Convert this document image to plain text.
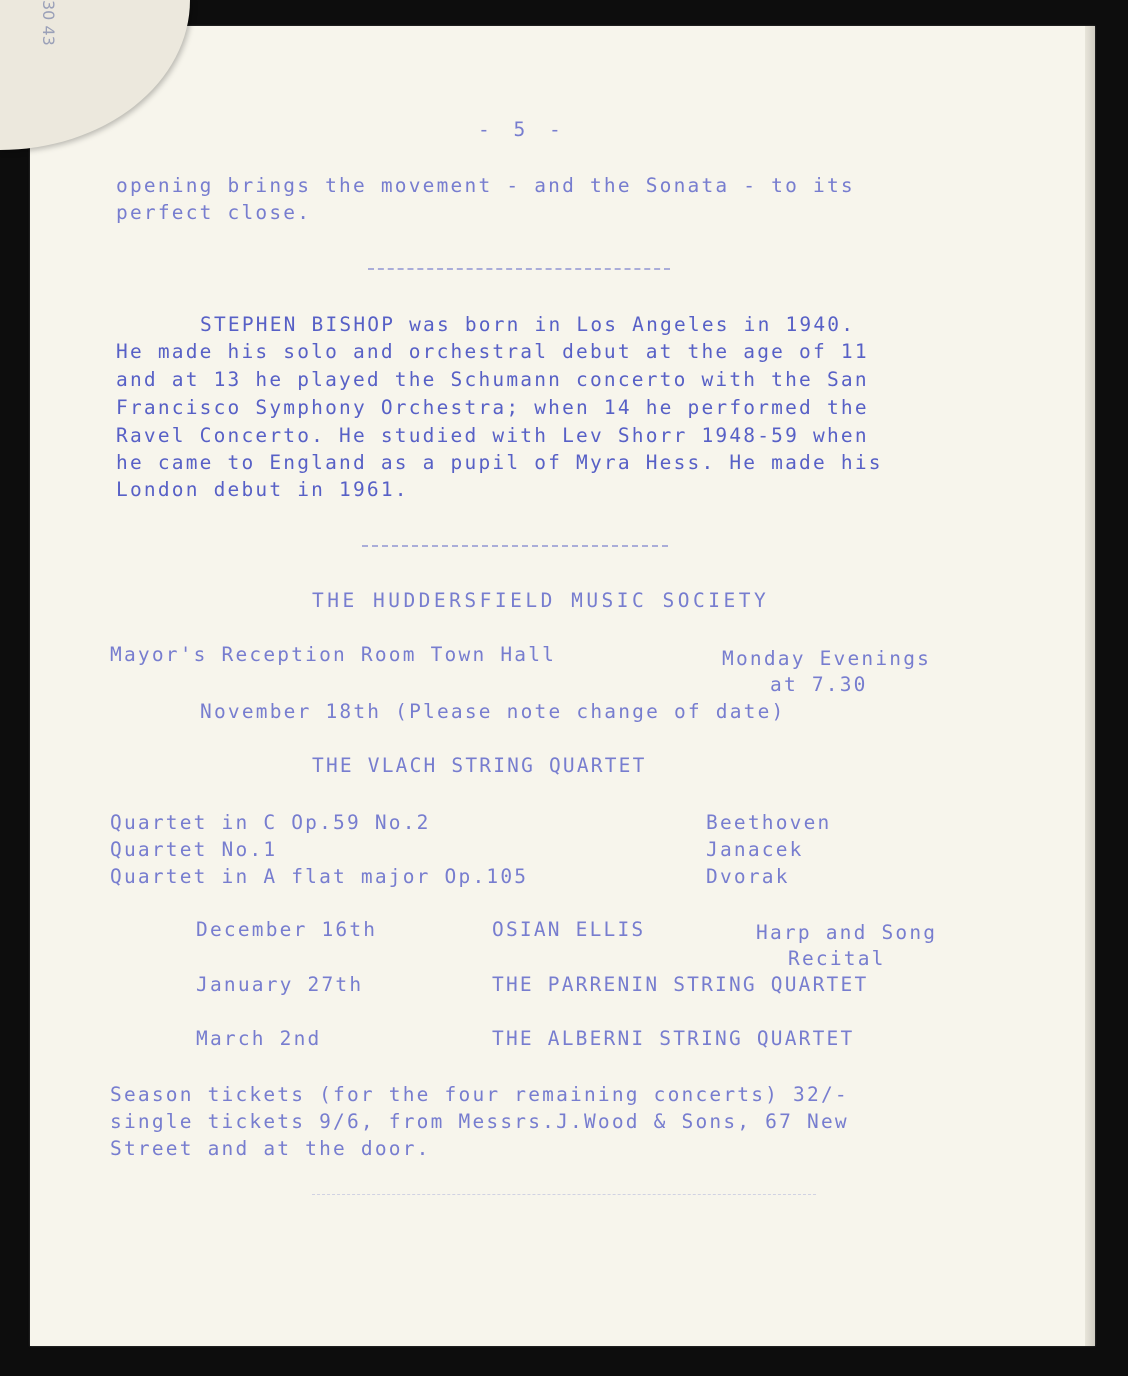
30 43
- 5 -
opening brings the movement - and the Sonata - to its
perfect close.
STEPHEN BISHOP was born in Los Angeles in 1940.
He made his solo and orchestral debut at the age of 11
and at 13 he played the Schumann concerto with the San
Francisco Symphony Orchestra; when 14 he performed the
Ravel Concerto. He studied with Lev Shorr 1948-59 when
he came to England as a pupil of Myra Hess. He made his
London debut in 1961.
THE HUDDERSFIELD MUSIC SOCIETY
Mayor's Reception Room Town Hall	Monday Evenings
at 7.30
November 18th (Please note change of date)
THE VLACH STRING QUARTET
Quartet in C Op.59 No.2	Beethoven
Quartet No.1	Janacek
Quartet in A flat major Op.105	Dvorak
December 16th	OSIAN ELLIS	Harp and Song
Recital
January 27th	THE PARRENIN STRING QUARTET
March 2nd	THE ALBERNI STRING QUARTET
Season tickets (for the four remaining concerts) 32/-
single tickets 9/6, from Messrs.J.Wood & Sons, 67 New
Street and at the door.
